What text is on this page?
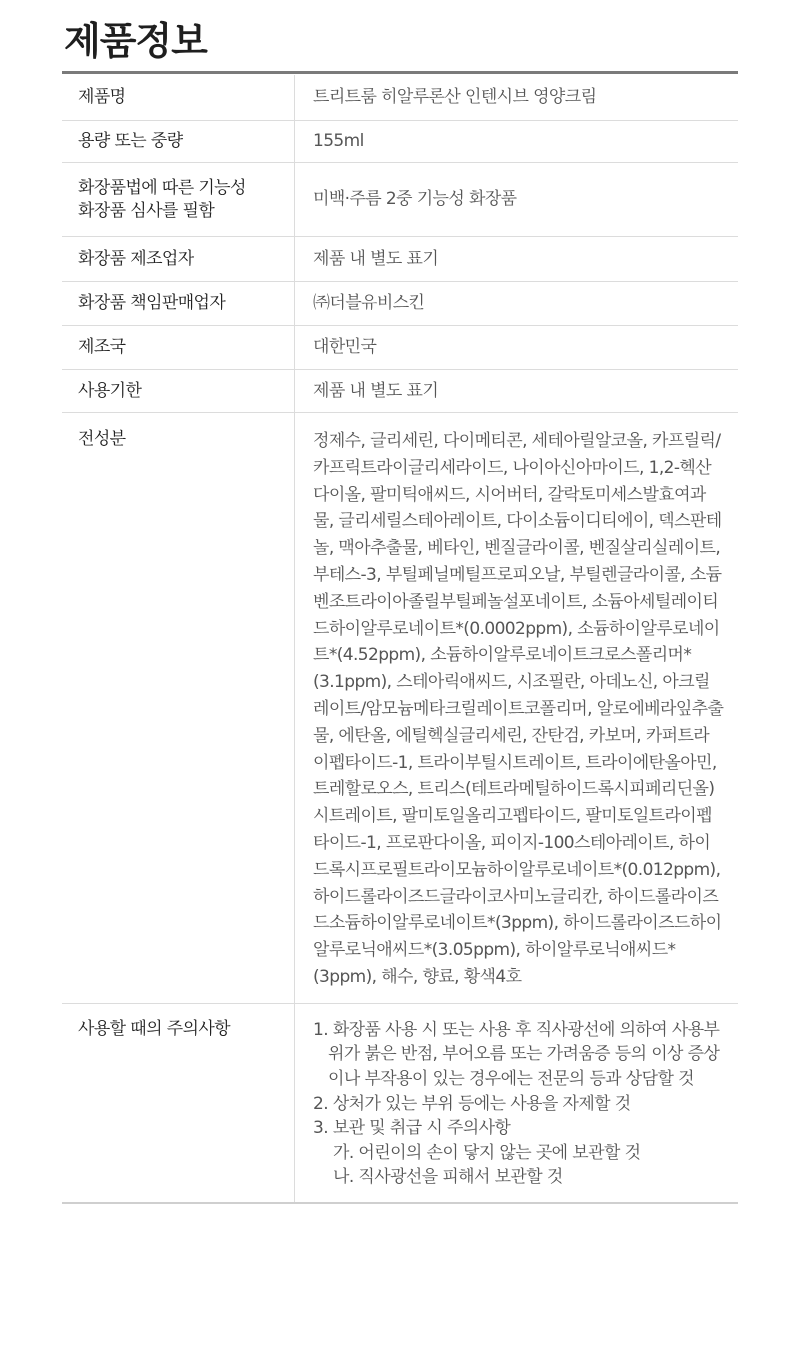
제품정보
제품명	트리트룸 히알루론산 인텐시브 영양크림
용량 또는 중량	155ml

화장품법에 따른 기능성
화장품 심사를 필함	미백·주름 2중 기능성 화장품
화장품 제조업자	제품 내 별도 표기
화장품 책임판매업자	㈜더블유비스킨
제조국	대한민국
사용기한	제품 내 별도 표기
전성분	정제수, 글리세린, 다이메티콘, 세테아릴알코올, 카프릴릭/카프릭트라이글리세라이드, 나이아신아마이드, 1,2-헥산다이올, 팔미틱애씨드, 시어버터, 갈락토미세스발효여과물, 글리세릴스테아레이트, 다이소듐이디티에이, 덱스판테놀, 맥아추출물, 베타인, 벤질글라이콜, 벤질살리실레이트, 부테스-3, 부틸페닐메틸프로피오날, 부틸렌글라이콜, 소듐벤조트라이아졸릴부틸페놀설포네이트, 소듐아세틸레이티드하이알루로네이트*(0.0002ppm), 소듐하이알루로네이트*(4.52ppm), 소듐하이알루로네이트크로스폴리머*(3.1ppm), 스테아릭애씨드, 시조필란, 아데노신, 아크릴레이트/암모늄메타크릴레이트코폴리머, 알로에베라잎추출물, 에탄올, 에틸헥실글리세린, 잔탄검, 카보머, 카퍼트라이펩타이드-1, 트라이부틸시트레이트, 트라이에탄올아민, 트레할로오스, 트리스(테트라메틸하이드록시피페리딘올)시트레이트, 팔미토일올리고펩타이드, 팔미토일트라이펩타이드-1, 프로판다이올, 피이지-100스테아레이트, 하이드록시프로필트라이모늄하이알루로네이트*(0.012ppm), 하이드롤라이즈드글라이코사미노글리칸, 하이드롤라이즈드소듐하이알루로네이트*(3ppm), 하이드롤라이즈드하이알루로닉애씨드*(3.05ppm), 하이알루로닉애씨드*(3ppm), 해수, 향료, 황색4호
사용할 때의 주의사항	1. 화장품 사용 시 또는 사용 후 직사광선에 의하여 사용부위가 붉은 반점, 부어오름 또는 가려움증 등의 이상 증상이나 부작용이 있는 경우에는 전문의 등과 상담할 것
2. 상처가 있는 부위 등에는 사용을 자제할 것
3. 보관 및 취급 시 주의사항
가. 어린이의 손이 닿지 않는 곳에 보관할 것
나. 직사광선을 피해서 보관할 것
